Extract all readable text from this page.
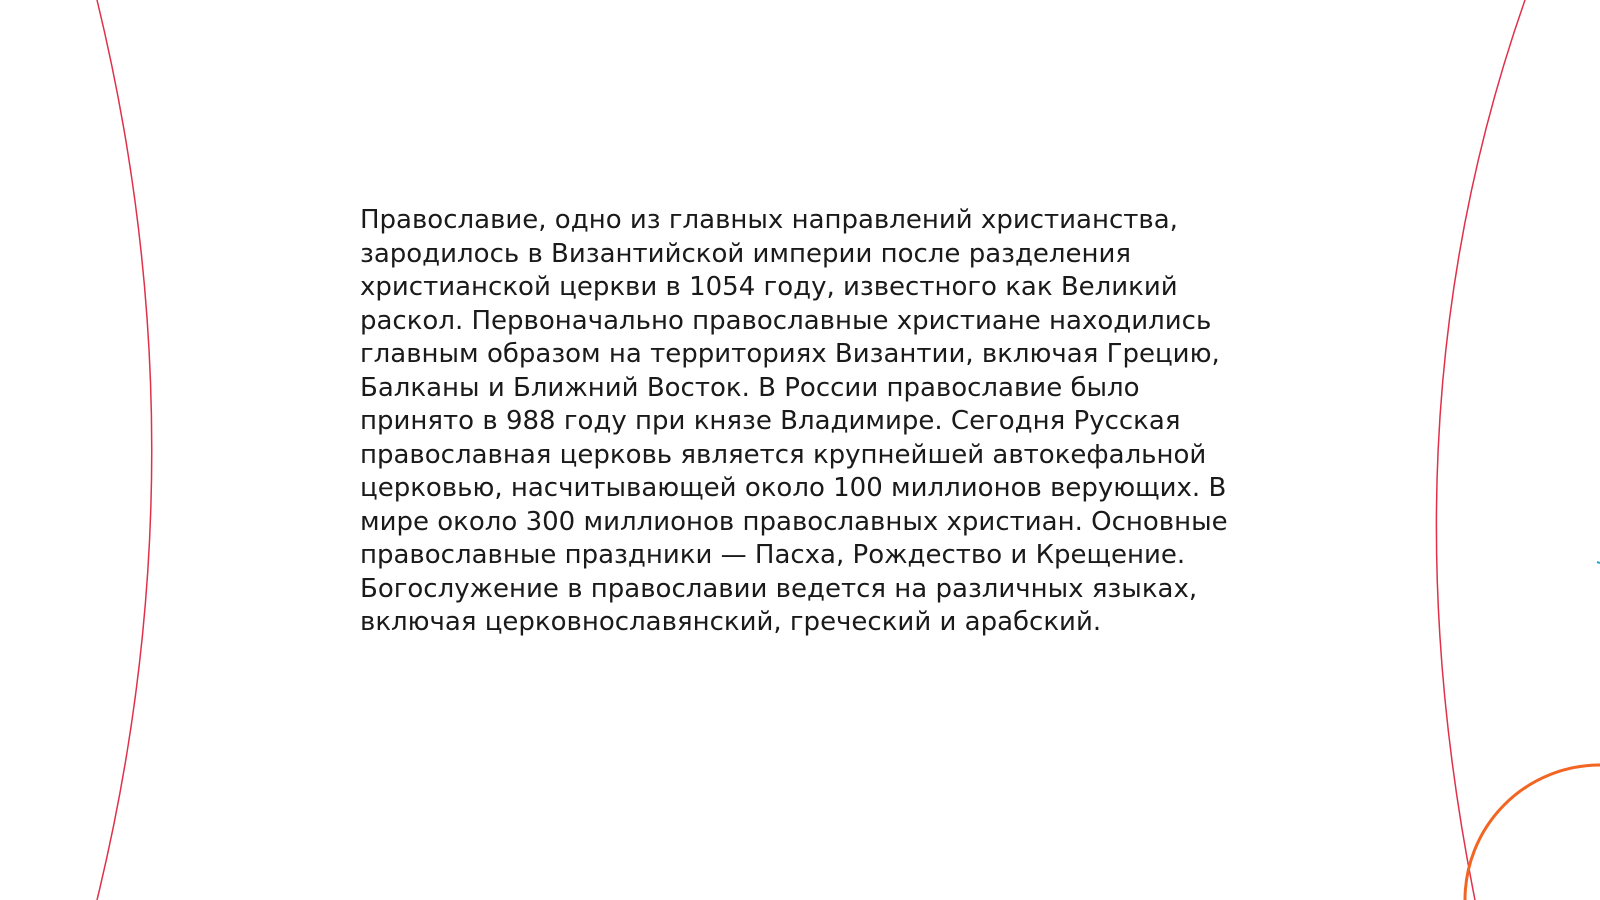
Православие, одно из главных направлений христианства,
зародилось в Византийской империи после разделения
христианской церкви в 1054 году, известного как Великий
раскол. Первоначально православные христиане находились
главным образом на территориях Византии, включая Грецию,
Балканы и Ближний Восток. В России православие было
принято в 988 году при князе Владимире. Сегодня Русская
православная церковь является крупнейшей автокефальной
церковью, насчитывающей около 100 миллионов верующих. В
мире около 300 миллионов православных христиан. Основные
православные праздники — Пасха, Рождество и Крещение.
Богослужение в православии ведется на различных языках,
включая церковнославянский, греческий и арабский.
